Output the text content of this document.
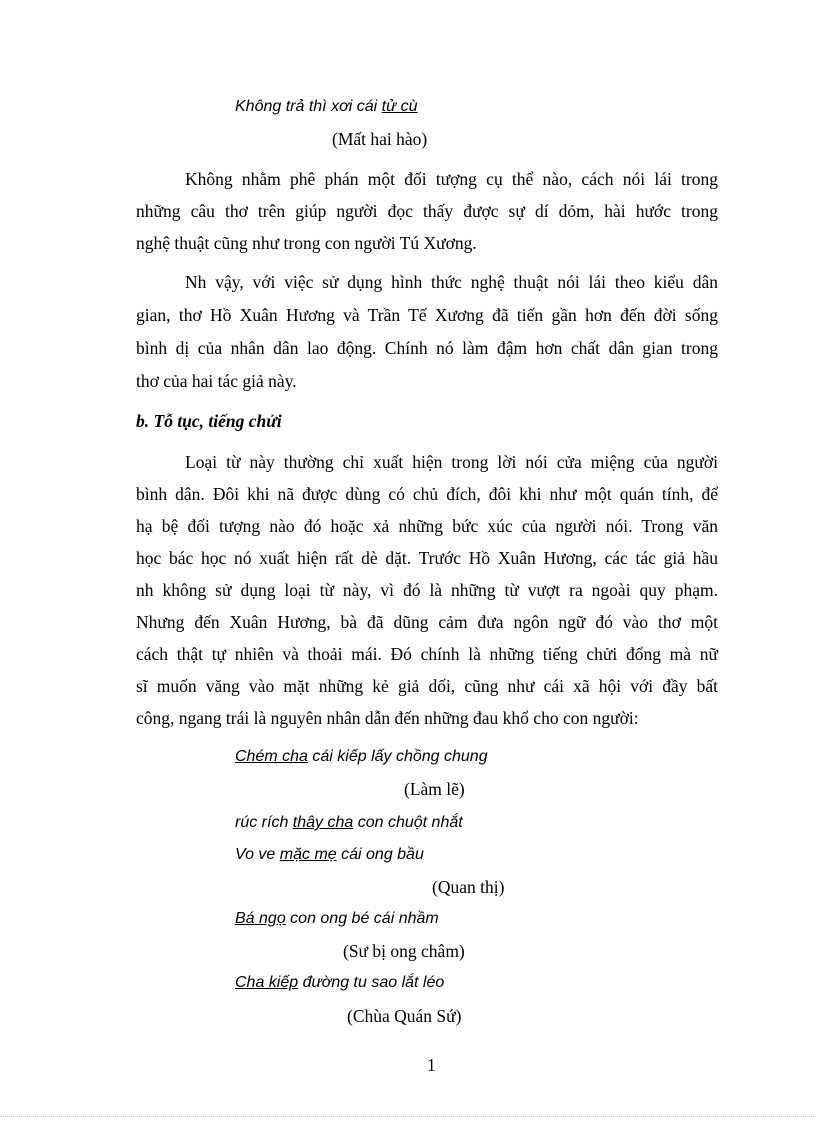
Không trả thì xơi cái tử cù
(Mất hai hào)
Không nhằm phê phán một đối tượng cụ thể nào, cách nói lái trong
những câu thơ trên giúp người đọc thấy được sự dí dỏm, hài hước trong
nghệ thuật cũng như trong con người Tú Xương.
Nh vậy, với việc sử dụng hình thức nghệ thuật nói lái theo kiểu dân
gian, thơ Hồ Xuân Hương và Trần Tế Xương đã tiến gần hơn đến đời sống
bình dị của nhân dân lao động. Chính nó làm đậm hơn chất dân gian trong
thơ của hai tác giả này.
b. Tỗ tục, tiếng chửi
Loại từ này thường chỉ xuất hiện trong lời nói cửa miệng của người
bình dân. Đôi khi nã được dùng có chủ đích, đôi khi như một quán tính, để
hạ bệ đối tượng nào đó hoặc xả những bức xúc của người nói. Trong văn
học bác học nó xuất hiện rất dè dặt. Trước Hồ Xuân Hương, các tác giả hầu
nh không sử dụng loại từ này, vì đó là những từ vượt ra ngoài quy phạm.
Nhưng đến Xuân Hương, bà đã dũng cảm đưa ngôn ngữ đó vào thơ một
cách thật tự nhiên và thoải mái. Đó chính là những tiếng chửi đổng mà nữ
sĩ muốn văng vào mặt những kẻ giả dối, cũng như cái xã hội với đầy bất
công, ngang trái là nguyên nhân dẫn đến những đau khổ cho con người:
Chém cha cái kiếp lấy chồng chung
(Làm lẽ)
rúc rích thây cha con chuột nhắt
Vo ve mặc mẹ cái ong bầu
(Quan thị)
Bá ngọ con ong bé cái nhầm
(Sư bị ong châm)
Cha kiếp đường tu sao lắt léo
(Chùa Quán Sứ)
1
